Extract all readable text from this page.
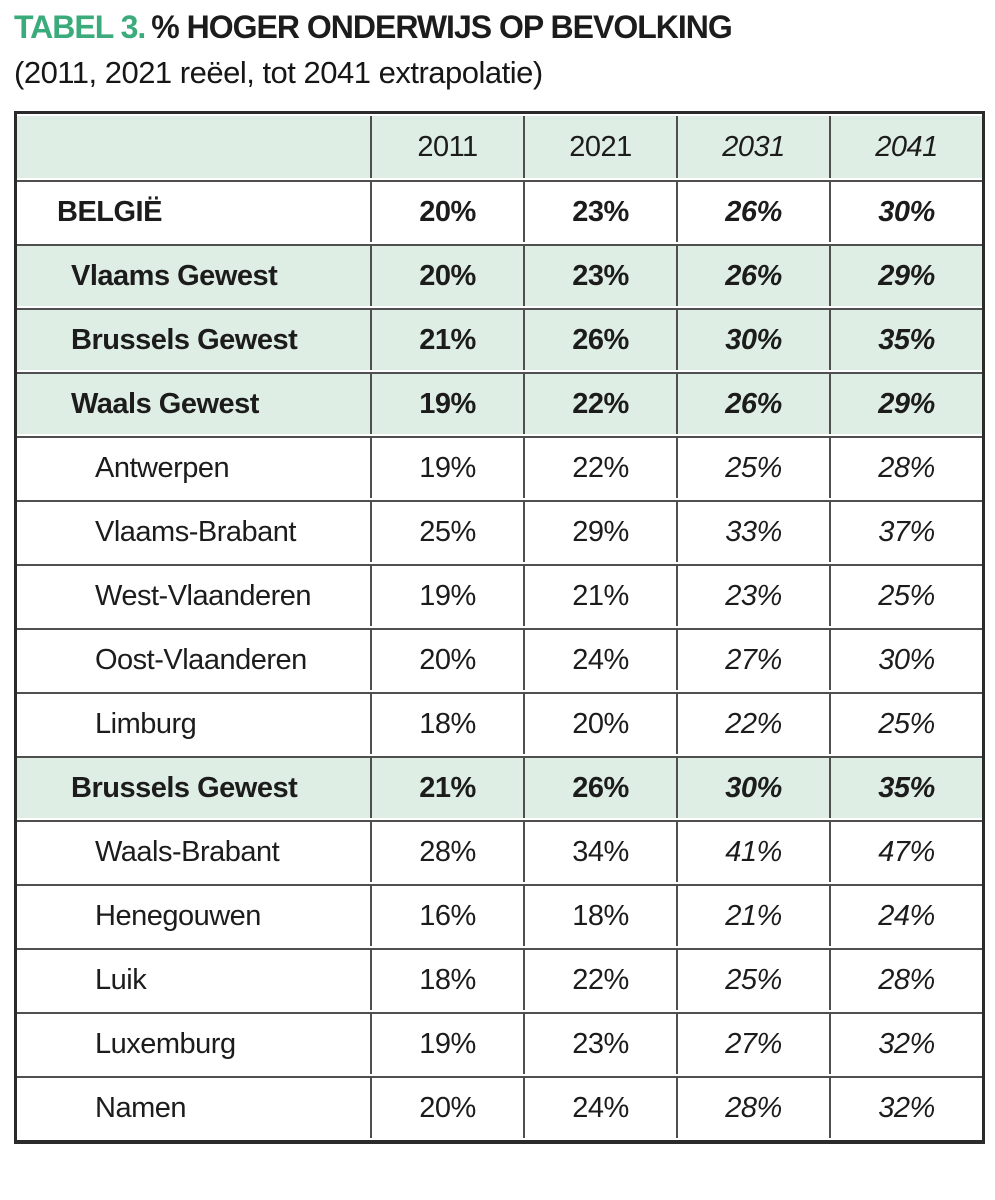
TABEL 3. % HOGER ONDERWIJS OP BEVOLKING
(2011, 2021 reëel, tot 2041 extrapolatie)
	2011	2021	2031	2041
BELGIË	20%	23%	26%	30%
Vlaams Gewest	20%	23%	26%	29%
Brussels Gewest	21%	26%	30%	35%
Waals Gewest	19%	22%	26%	29%
Antwerpen	19%	22%	25%	28%
Vlaams-Brabant	25%	29%	33%	37%
West-Vlaanderen	19%	21%	23%	25%
Oost-Vlaanderen	20%	24%	27%	30%
Limburg	18%	20%	22%	25%
Brussels Gewest	21%	26%	30%	35%
Waals-Brabant	28%	34%	41%	47%
Henegouwen	16%	18%	21%	24%
Luik	18%	22%	25%	28%
Luxemburg	19%	23%	27%	32%
Namen	20%	24%	28%	32%
